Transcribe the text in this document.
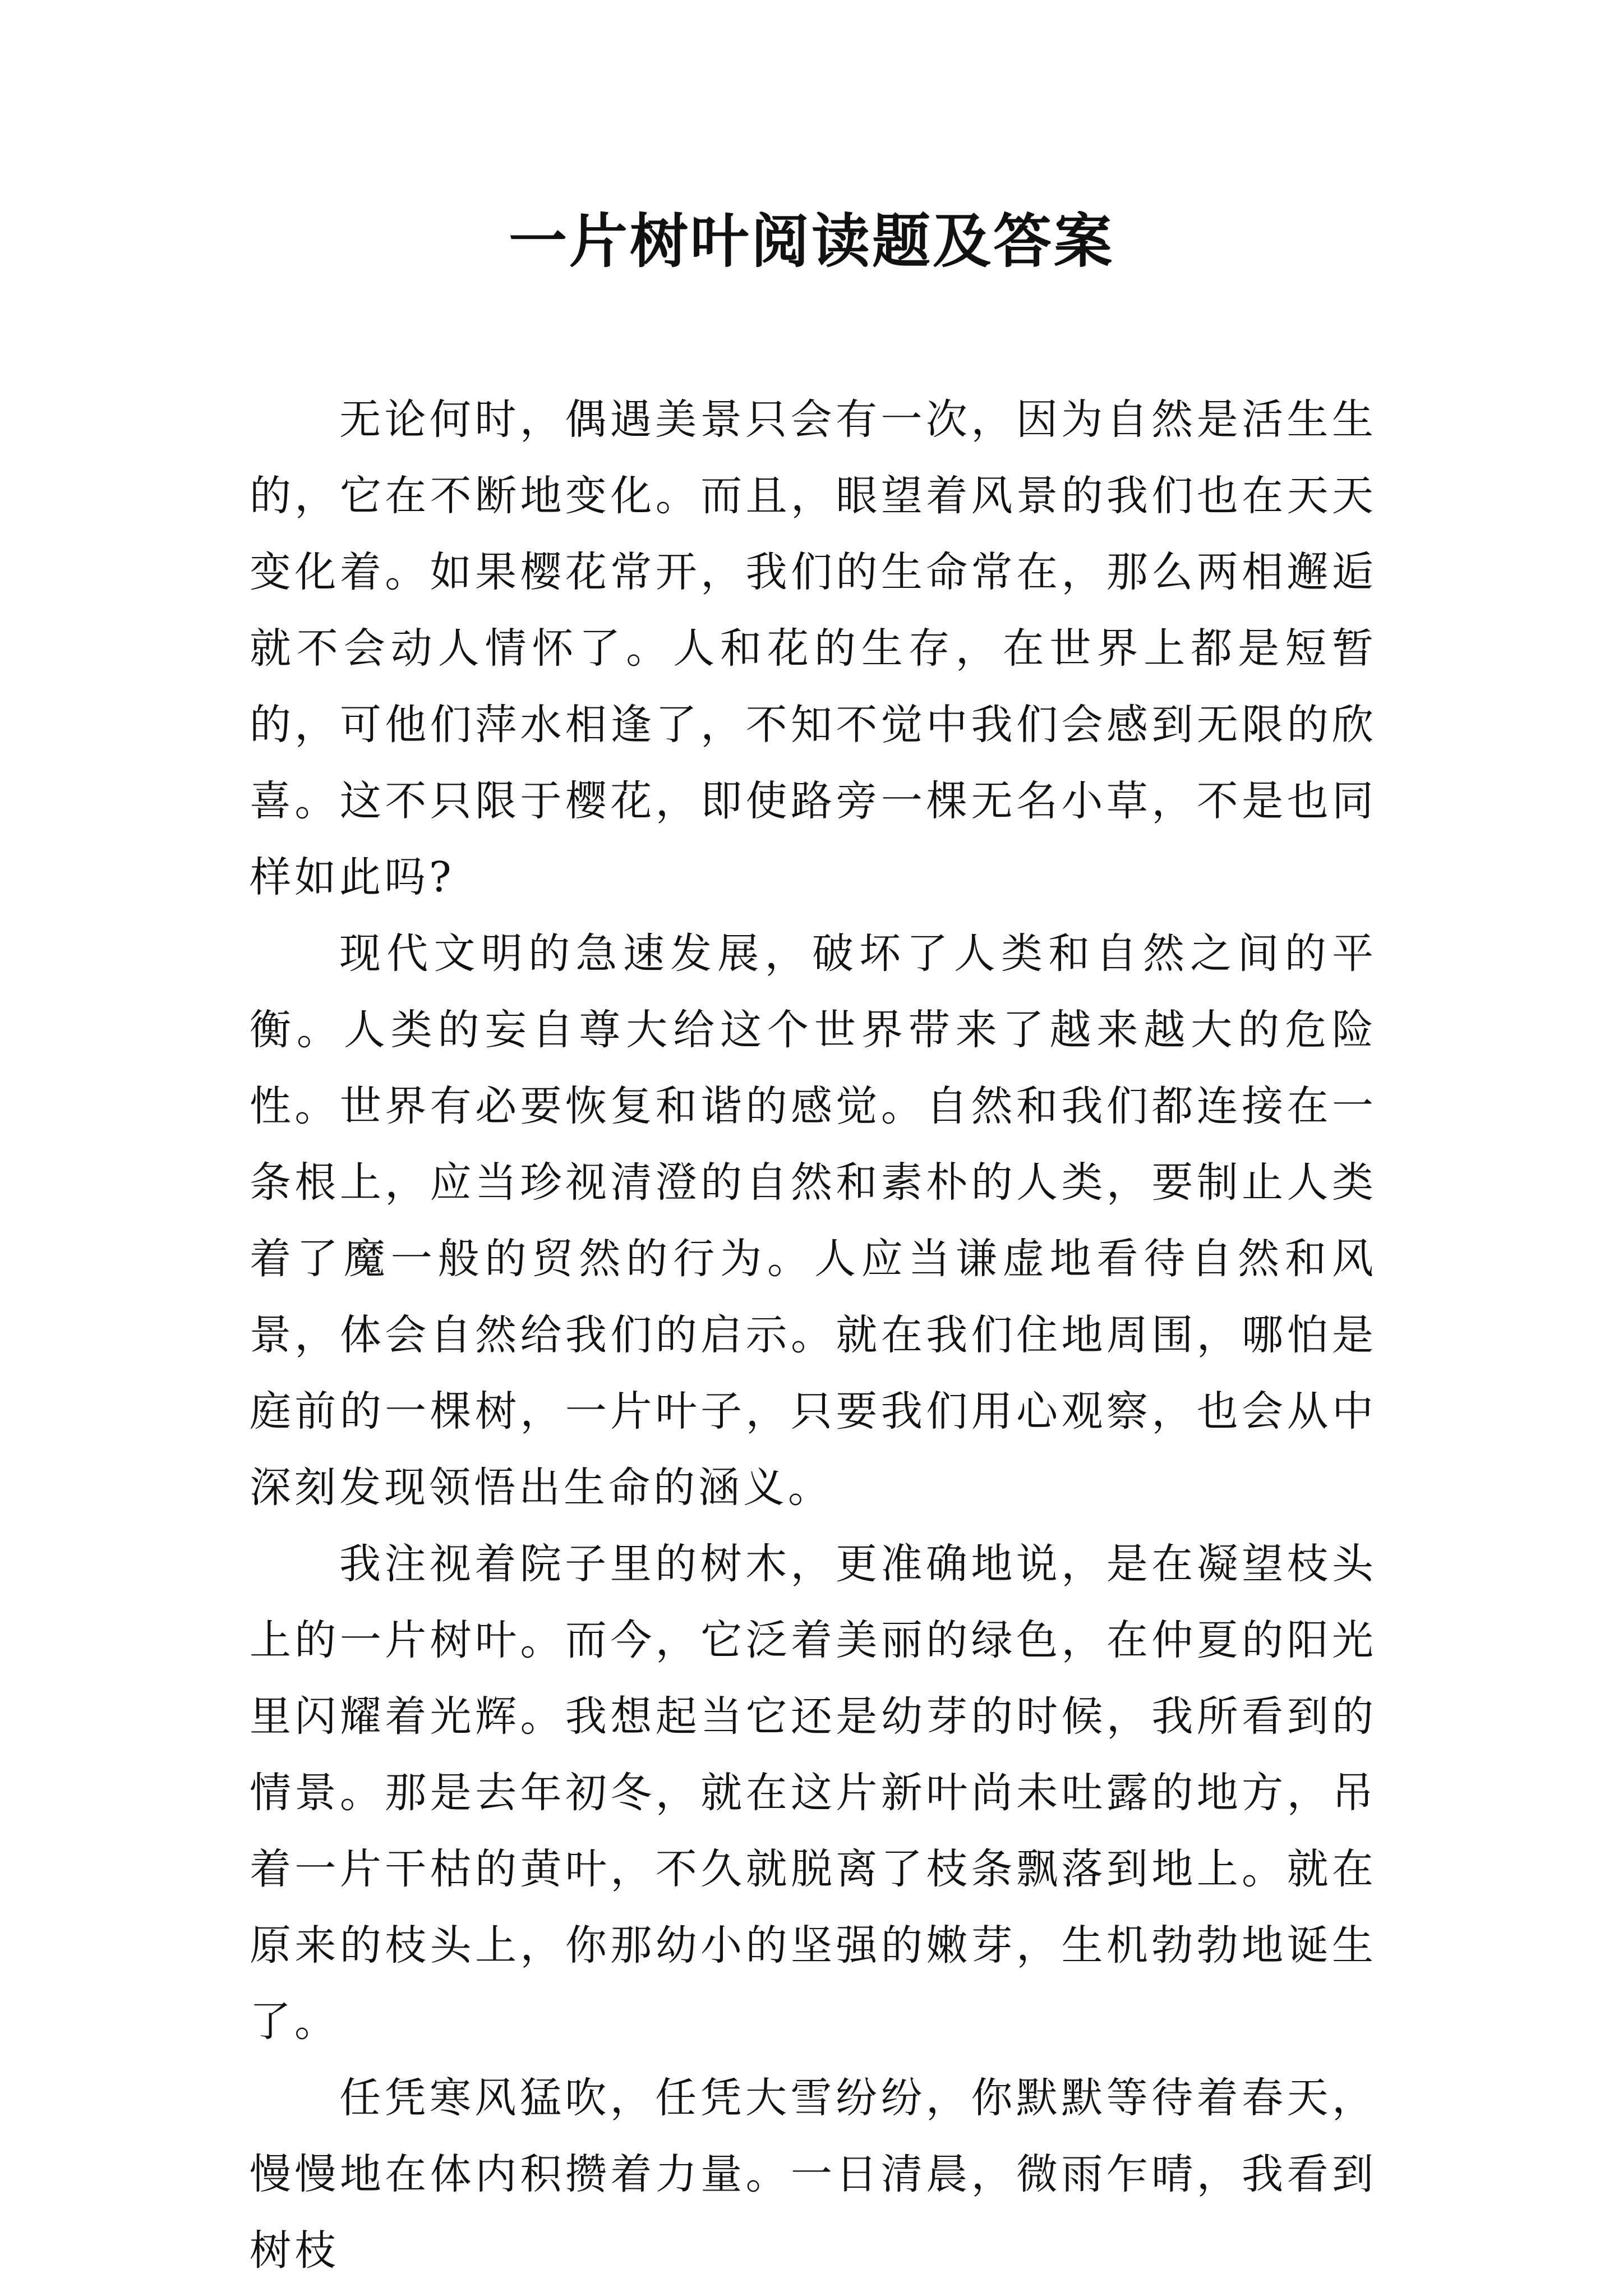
一片树叶阅读题及答案

无论何时，偶遇美景只会有一次，因为自然是活生生的，它在不断地变化。而且，眼望着风景的我们也在天天变化着。如果樱花常开，我们的生命常在，那么两相邂逅就不会动人情怀了。人和花的生存，在世界上都是短暂的，可他们萍水相逢了，不知不觉中我们会感到无限的欣喜。这不只限于樱花，即使路旁一棵无名小草，不是也同样如此吗?

现代文明的急速发展，破坏了人类和自然之间的平衡。人类的妄自尊大给这个世界带来了越来越大的危险性。世界有必要恢复和谐的感觉。自然和我们都连接在一条根上，应当珍视清澄的自然和素朴的人类，要制止人类着了魔一般的贸然的行为。人应当谦虚地看待自然和风景，体会自然给我们的启示。就在我们住地周围，哪怕是庭前的一棵树，一片叶子，只要我们用心观察，也会从中深刻发现领悟出生命的涵义。

我注视着院子里的树木，更准确地说，是在凝望枝头上的一片树叶。而今，它泛着美丽的绿色，在仲夏的阳光里闪耀着光辉。我想起当它还是幼芽的时候，我所看到的情景。那是去年初冬，就在这片新叶尚未吐露的地方，吊着一片干枯的黄叶，不久就脱离了枝条飘落到地上。就在原来的枝头上，你那幼小的坚强的嫩芽，生机勃勃地诞生了。

任凭寒风猛吹，任凭大雪纷纷，你默默等待着春天，慢慢地在体内积攒着力量。一日清晨，微雨乍晴，我看到树枝
